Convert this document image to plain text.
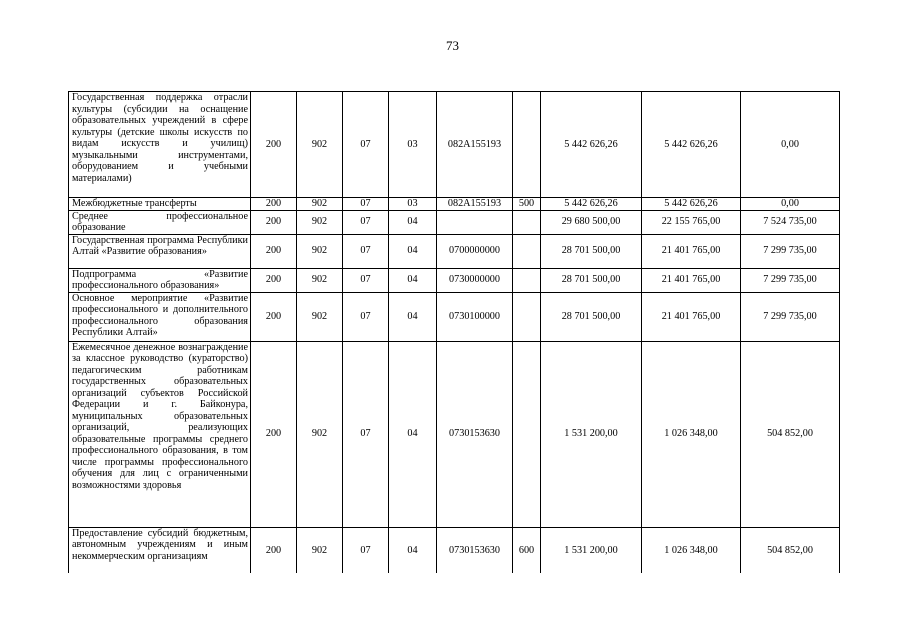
73
Государственная поддержка отрасли культуры (субсидии на оснащение образовательных учреждений в сфере культуры (детские школы искусств по видам искусств и училищ) музыкальными инструментами, оборудованием и учебными материалами)	200	902	07	03	082A155193		5 442 626,26	5 442 626,26	0,00
Межбюджетные трансферты	200	902	07	03	082A155193	500	5 442 626,26	5 442 626,26	0,00
Среднее профессиональное образование	200	902	07	04			29 680 500,00	22 155 765,00	7 524 735,00
Государственная программа Республики Алтай «Развитие образования»	200	902	07	04	0700000000		28 701 500,00	21 401 765,00	7 299 735,00
Подпрограмма «Развитие профессионального образования»	200	902	07	04	0730000000		28 701 500,00	21 401 765,00	7 299 735,00
Основное мероприятие «Развитие профессионального и дополнительного профессионального образования Республики Алтай»	200	902	07	04	0730100000		28 701 500,00	21 401 765,00	7 299 735,00
Ежемесячное денежное вознаграждение за классное руководство (кураторство) педагогическим работникам государственных образовательных организаций субъектов Российской Федерации и г. Байконура, муниципальных образовательных организаций, реализующих образовательные программы среднего профессионального образования, в том числе программы профессионального обучения для лиц с ограниченными возможностями здоровья	200	902	07	04	0730153630		1 531 200,00	1 026 348,00	504 852,00
Предоставление субсидий бюджетным, автономным учреждениям и иным некоммерческим организациям	200	902	07	04	0730153630	600	1 531 200,00	1 026 348,00	504 852,00
